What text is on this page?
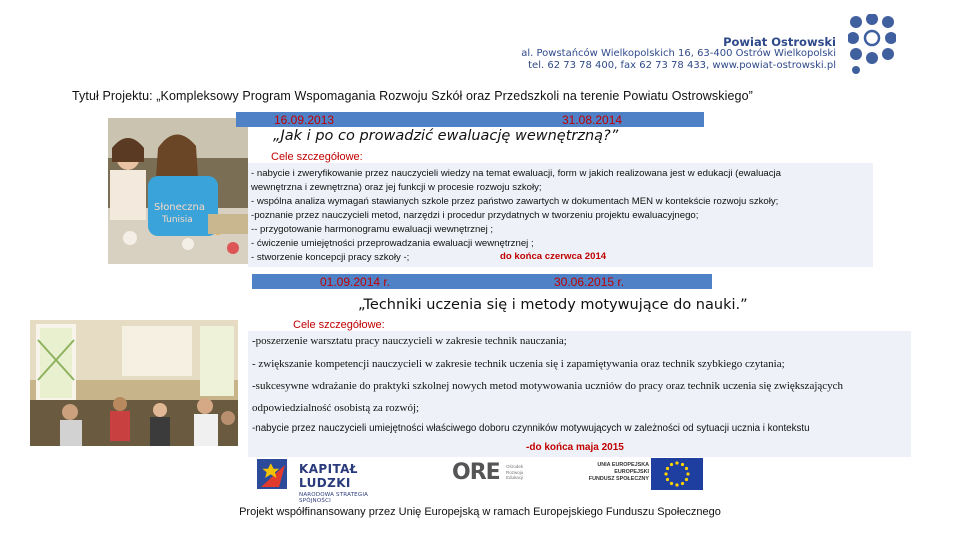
Powiat Ostrowski
al. Powstańców Wielkopolskich 16, 63-400 Ostrów Wielkopolski
tel. 62 73 78 400, fax 62 73 78 433, www.powiat-ostrowski.pl
Tytuł Projektu: „Kompleksowy Program Wspomagania Rozwoju Szkół oraz Przedszkoli na terenie Powiatu Ostrowskiego”
Słoneczna
Tunisia
16.09.2013	31.08.2014
„Jak i po co prowadzić ewaluację wewnętrzną?”
Cele szczegółowe:
- nabycie i zweryfikowanie przez nauczycieli wiedzy na temat ewaluacji, form w jakich realizowana jest w edukacji (ewaluacja
wewnętrzna i zewnętrzna) oraz jej funkcji w procesie rozwoju szkoły;
- wspólna analiza wymagań stawianych szkole przez państwo zawartych w dokumentach MEN w kontekście rozwoju szkoły;
-poznanie przez nauczycieli metod, narzędzi i procedur przydatnych w tworzeniu projektu ewaluacyjnego;
-- przygotowanie harmonogramu ewaluacji wewnętrznej ;
- ćwiczenie umiejętności przeprowadzania ewaluacji wewnętrznej ;
- stworzenie koncepcji pracy szkoły -;	do końca czerwca 2014
01.09.2014 r.	30.06.2015 r.
„Techniki uczenia się i metody motywujące do nauki.”
Cele szczegółowe:
-poszerzenie warsztatu pracy nauczycieli w zakresie technik nauczania;
- zwiększanie kompetencji nauczycieli w zakresie technik uczenia się i zapamiętywania oraz technik szybkiego czytania;
-sukcesywne wdrażanie do praktyki szkolnej nowych metod motywowania uczniów do pracy oraz technik uczenia się zwiększających
odpowiedzialność osobistą za rozwój;
-nabycie przez nauczycieli umiejętności właściwego doboru czynników motywujących w zależności od sytuacji ucznia i kontekstu
-do końca maja 2015
KAPITAŁ LUDZKI
NARODOWA STRATEGIA SPÓJNOŚCI
ORE Ośrodek
Rozwoju
Edukacji
UNIA EUROPEJSKA
EUROPEJSKI
FUNDUSZ SPOŁECZNY
Projekt współfinansowany przez Unię Europejską w ramach Europejskiego Funduszu Społecznego
